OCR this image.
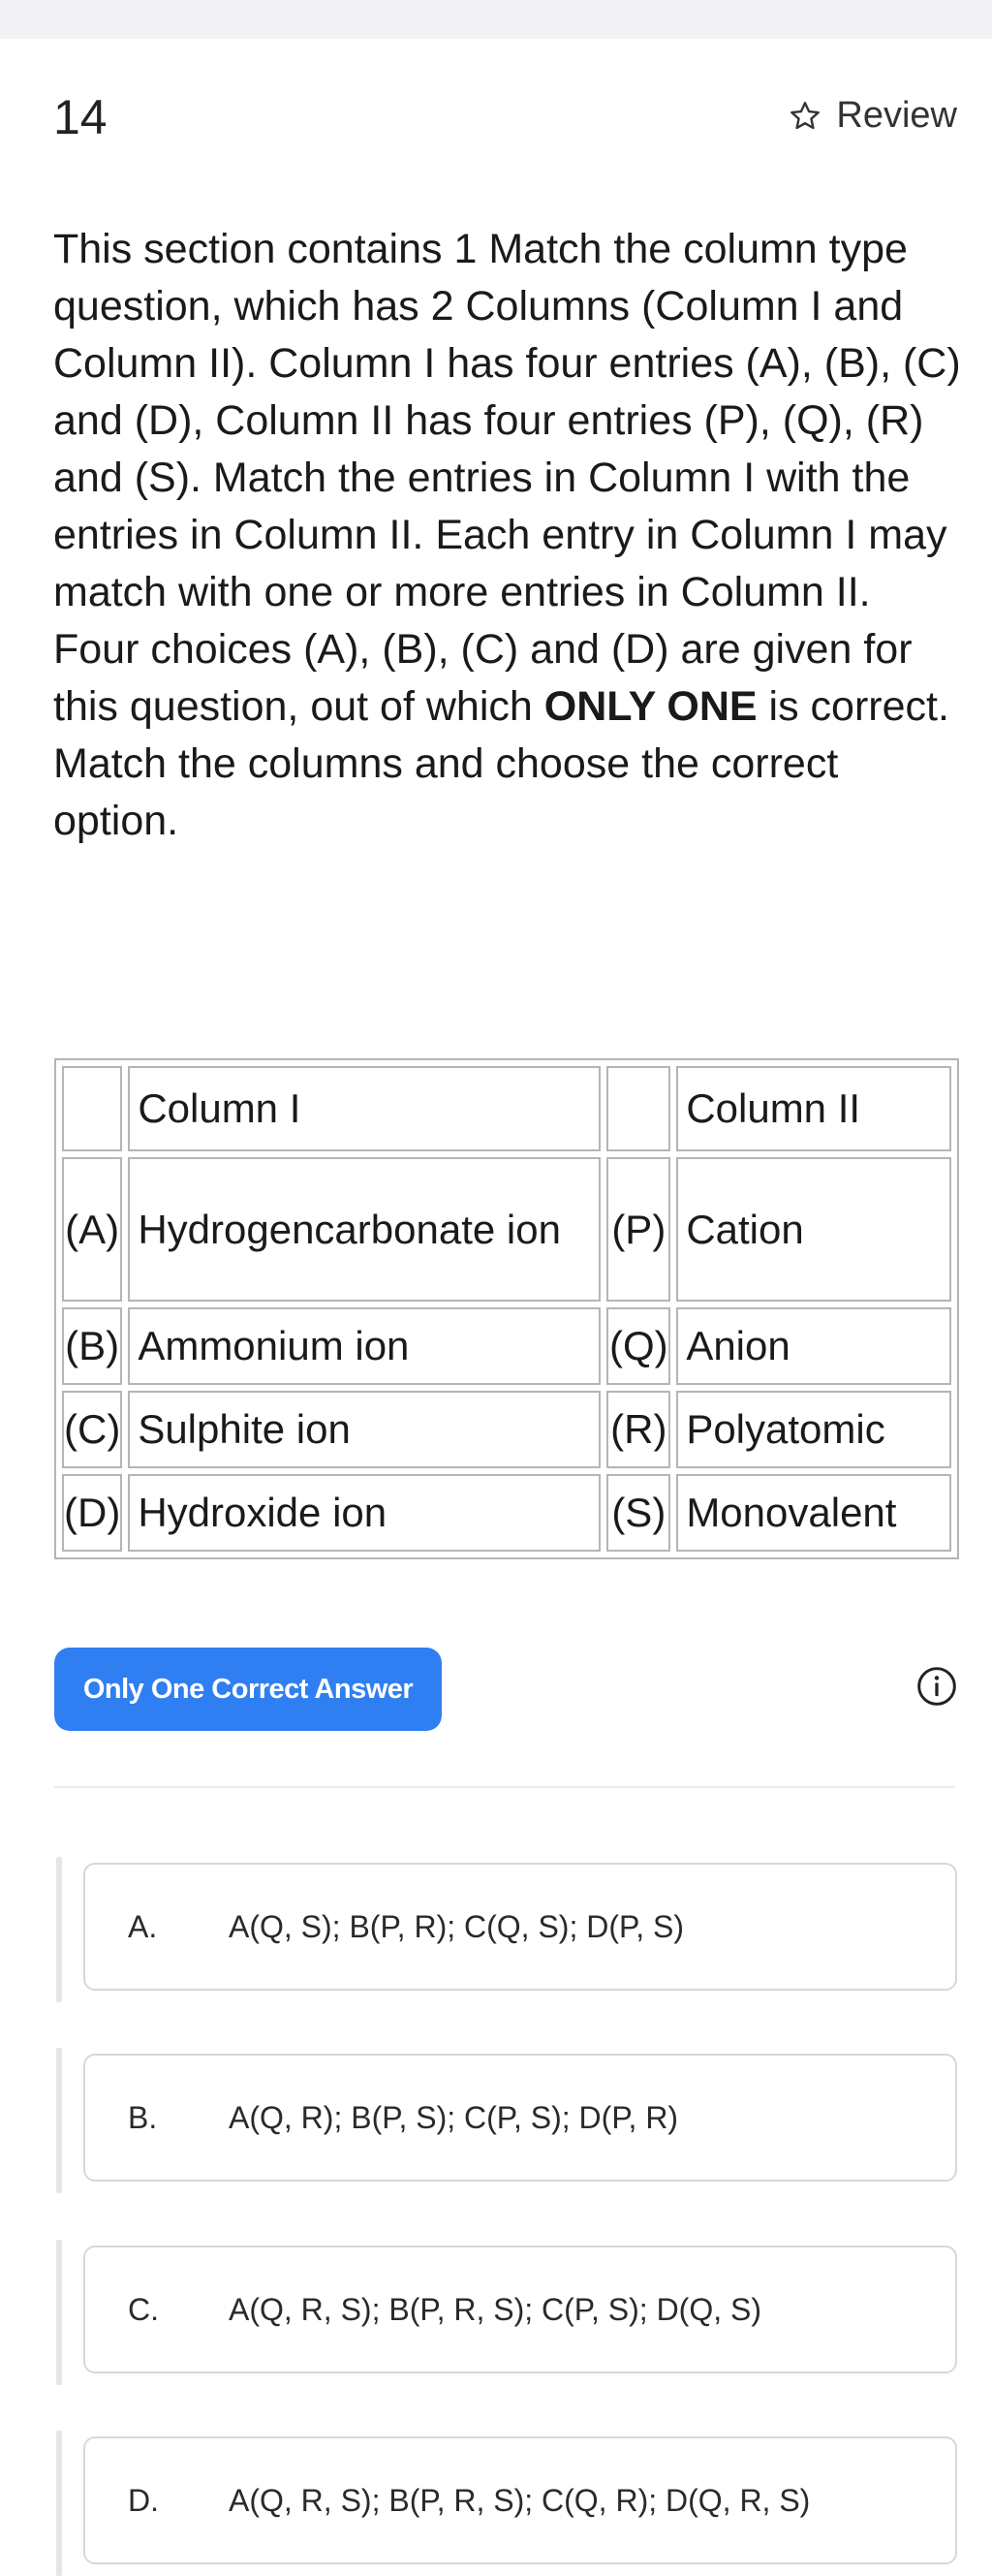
14	Review

This section contains 1 Match the column type question, which has 2 Columns (Column I and Column II). Column I has four entries (A), (B), (C) and (D), Column II has four entries (P), (Q), (R) and (S). Match the entries in Column I with the entries in Column II. Each entry in Column I may match with one or more entries in Column II.

Four choices (A), (B), (C) and (D) are given for this question, out of which ONLY ONE is correct.

Match the columns and choose the correct option.

	Column I		Column II
(A)	Hydrogencarbonate ion	(P)	Cation
(B)	Ammonium ion	(Q)	Anion
(C)	Sulphite ion	(R)	Polyatomic
(D)	Hydroxide ion	(S)	Monovalent
Only One Correct Answer
A.	A(Q, S); B(P, R); C(Q, S); D(P, S)
B.	A(Q, R); B(P, S); C(P, S); D(P, R)
C.	A(Q, R, S); B(P, R, S); C(P, S); D(Q, S)
D.	A(Q, R, S); B(P, R, S); C(Q, R); D(Q, R, S)
